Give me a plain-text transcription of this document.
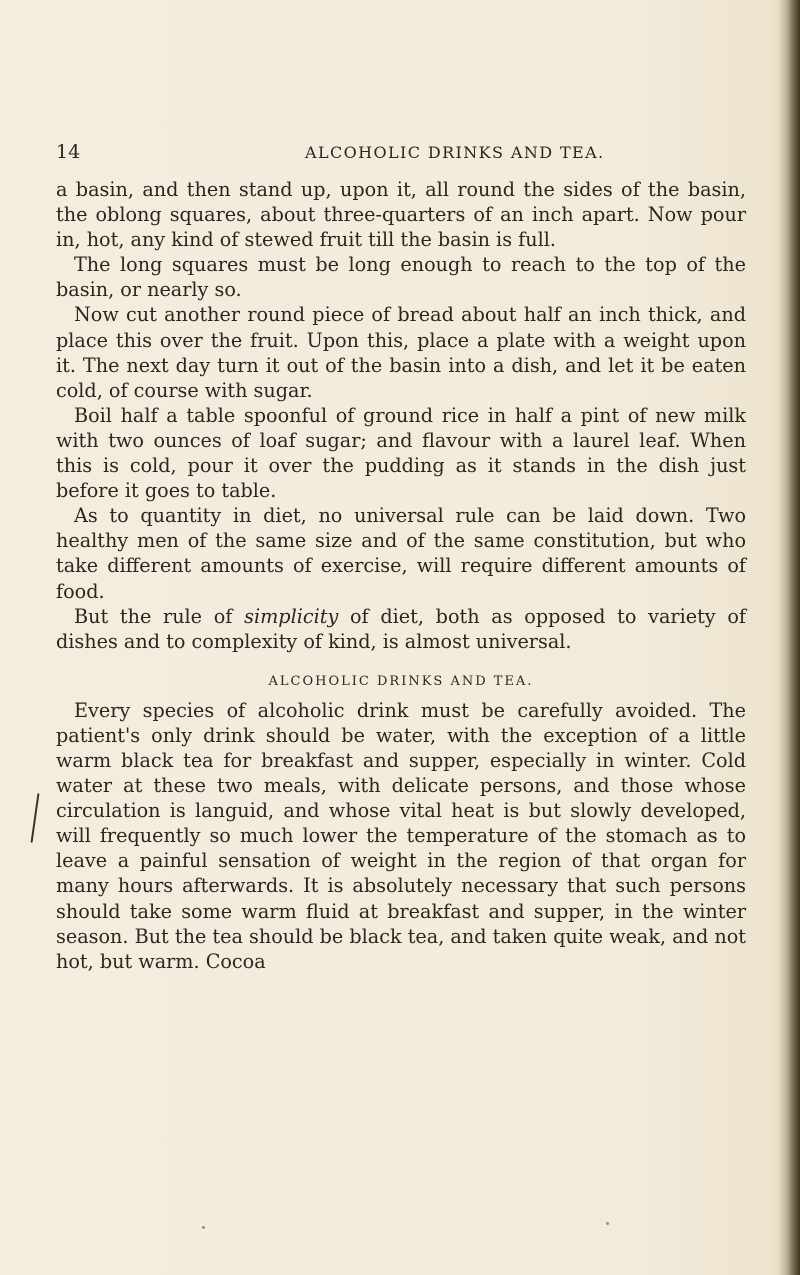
14	ALCOHOLIC DRINKS AND TEA.

a basin, and then stand up, upon it, all round the sides of the basin, the oblong squares, about three-quarters of an inch apart. Now pour in, hot, any kind of stewed fruit till the basin is full.

The long squares must be long enough to reach to the top of the basin, or nearly so.

Now cut another round piece of bread about half an inch thick, and place this over the fruit. Upon this, place a plate with a weight upon it. The next day turn it out of the basin into a dish, and let it be eaten cold, of course with sugar.

Boil half a table spoonful of ground rice in half a pint of new milk with two ounces of loaf sugar; and flavour with a laurel leaf. When this is cold, pour it over the pudding as it stands in the dish just before it goes to table.

As to quantity in diet, no universal rule can be laid down. Two healthy men of the same size and of the same constitution, but who take different amounts of exercise, will require different amounts of food.

But the rule of simplicity of diet, both as opposed to variety of dishes and to complexity of kind, is almost universal.

ALCOHOLIC DRINKS AND TEA.

Every species of alcoholic drink must be carefully avoided. The patient's only drink should be water, with the exception of a little warm black tea for breakfast and supper, especially in winter. Cold water at these two meals, with delicate persons, and those whose circulation is languid, and whose vital heat is but slowly developed, will frequently so much lower the temperature of the stomach as to leave a painful sensation of weight in the region of that organ for many hours afterwards. It is absolutely necessary that such persons should take some warm fluid at breakfast and supper, in the winter season. But the tea should be black tea, and taken quite weak, and not hot, but warm. Cocoa
